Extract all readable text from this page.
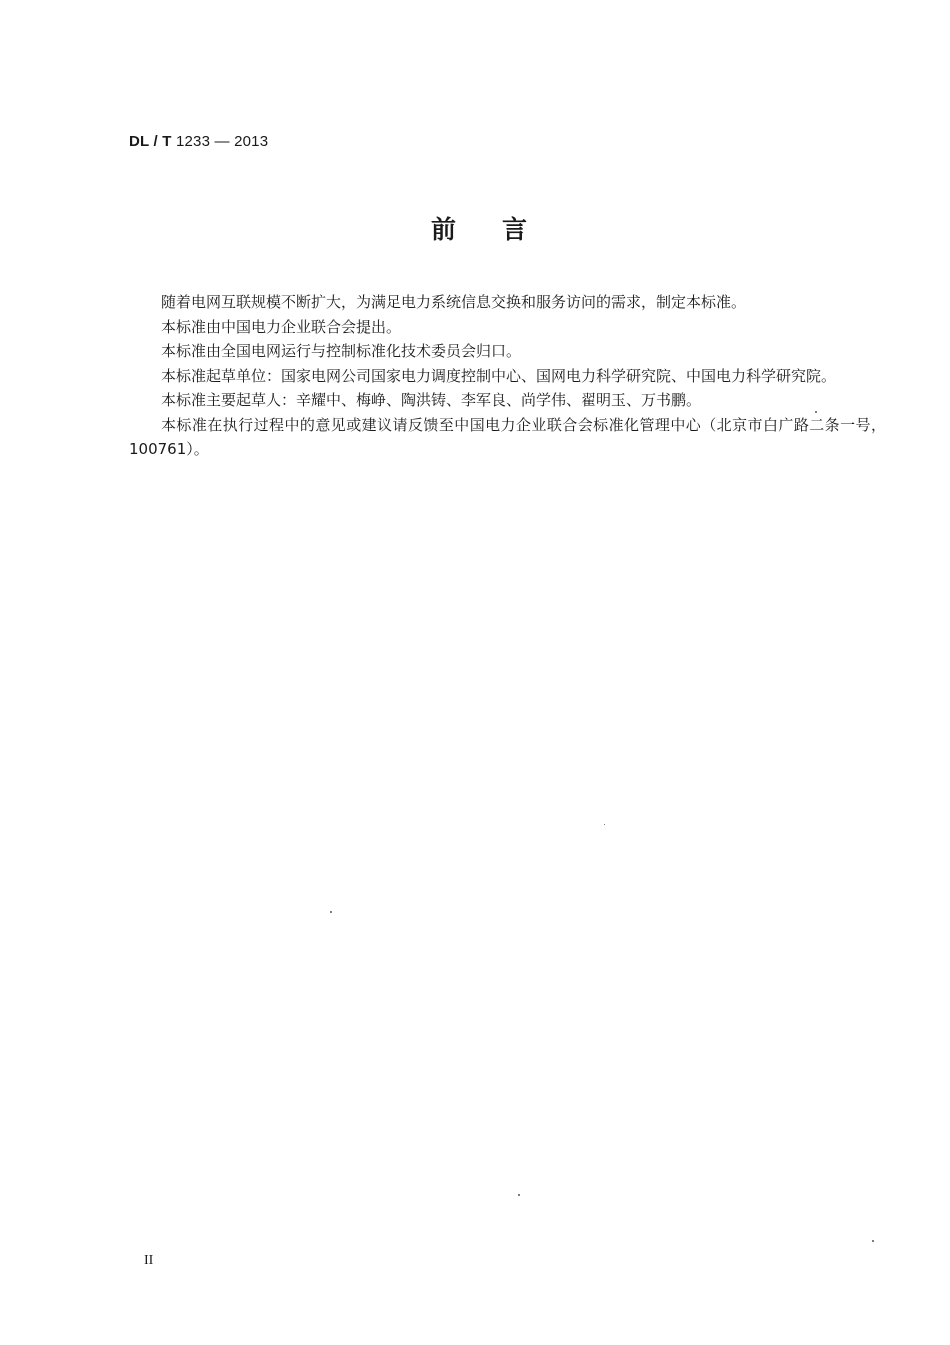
DL / T 1233 — 2013
前言

随着电网互联规模不断扩大，为满足电力系统信息交换和服务访问的需求，制定本标准。

本标准由中国电力企业联合会提出。

本标准由全国电网运行与控制标准化技术委员会归口。

本标准起草单位：国家电网公司国家电力调度控制中心、国网电力科学研究院、中国电力科学研究院。

本标准主要起草人：辛耀中、梅峥、陶洪铸、李军良、尚学伟、翟明玉、万书鹏。

本标准在执行过程中的意见或建议请反馈至中国电力企业联合会标准化管理中心（北京市白广路二条一号，100761）。

II
